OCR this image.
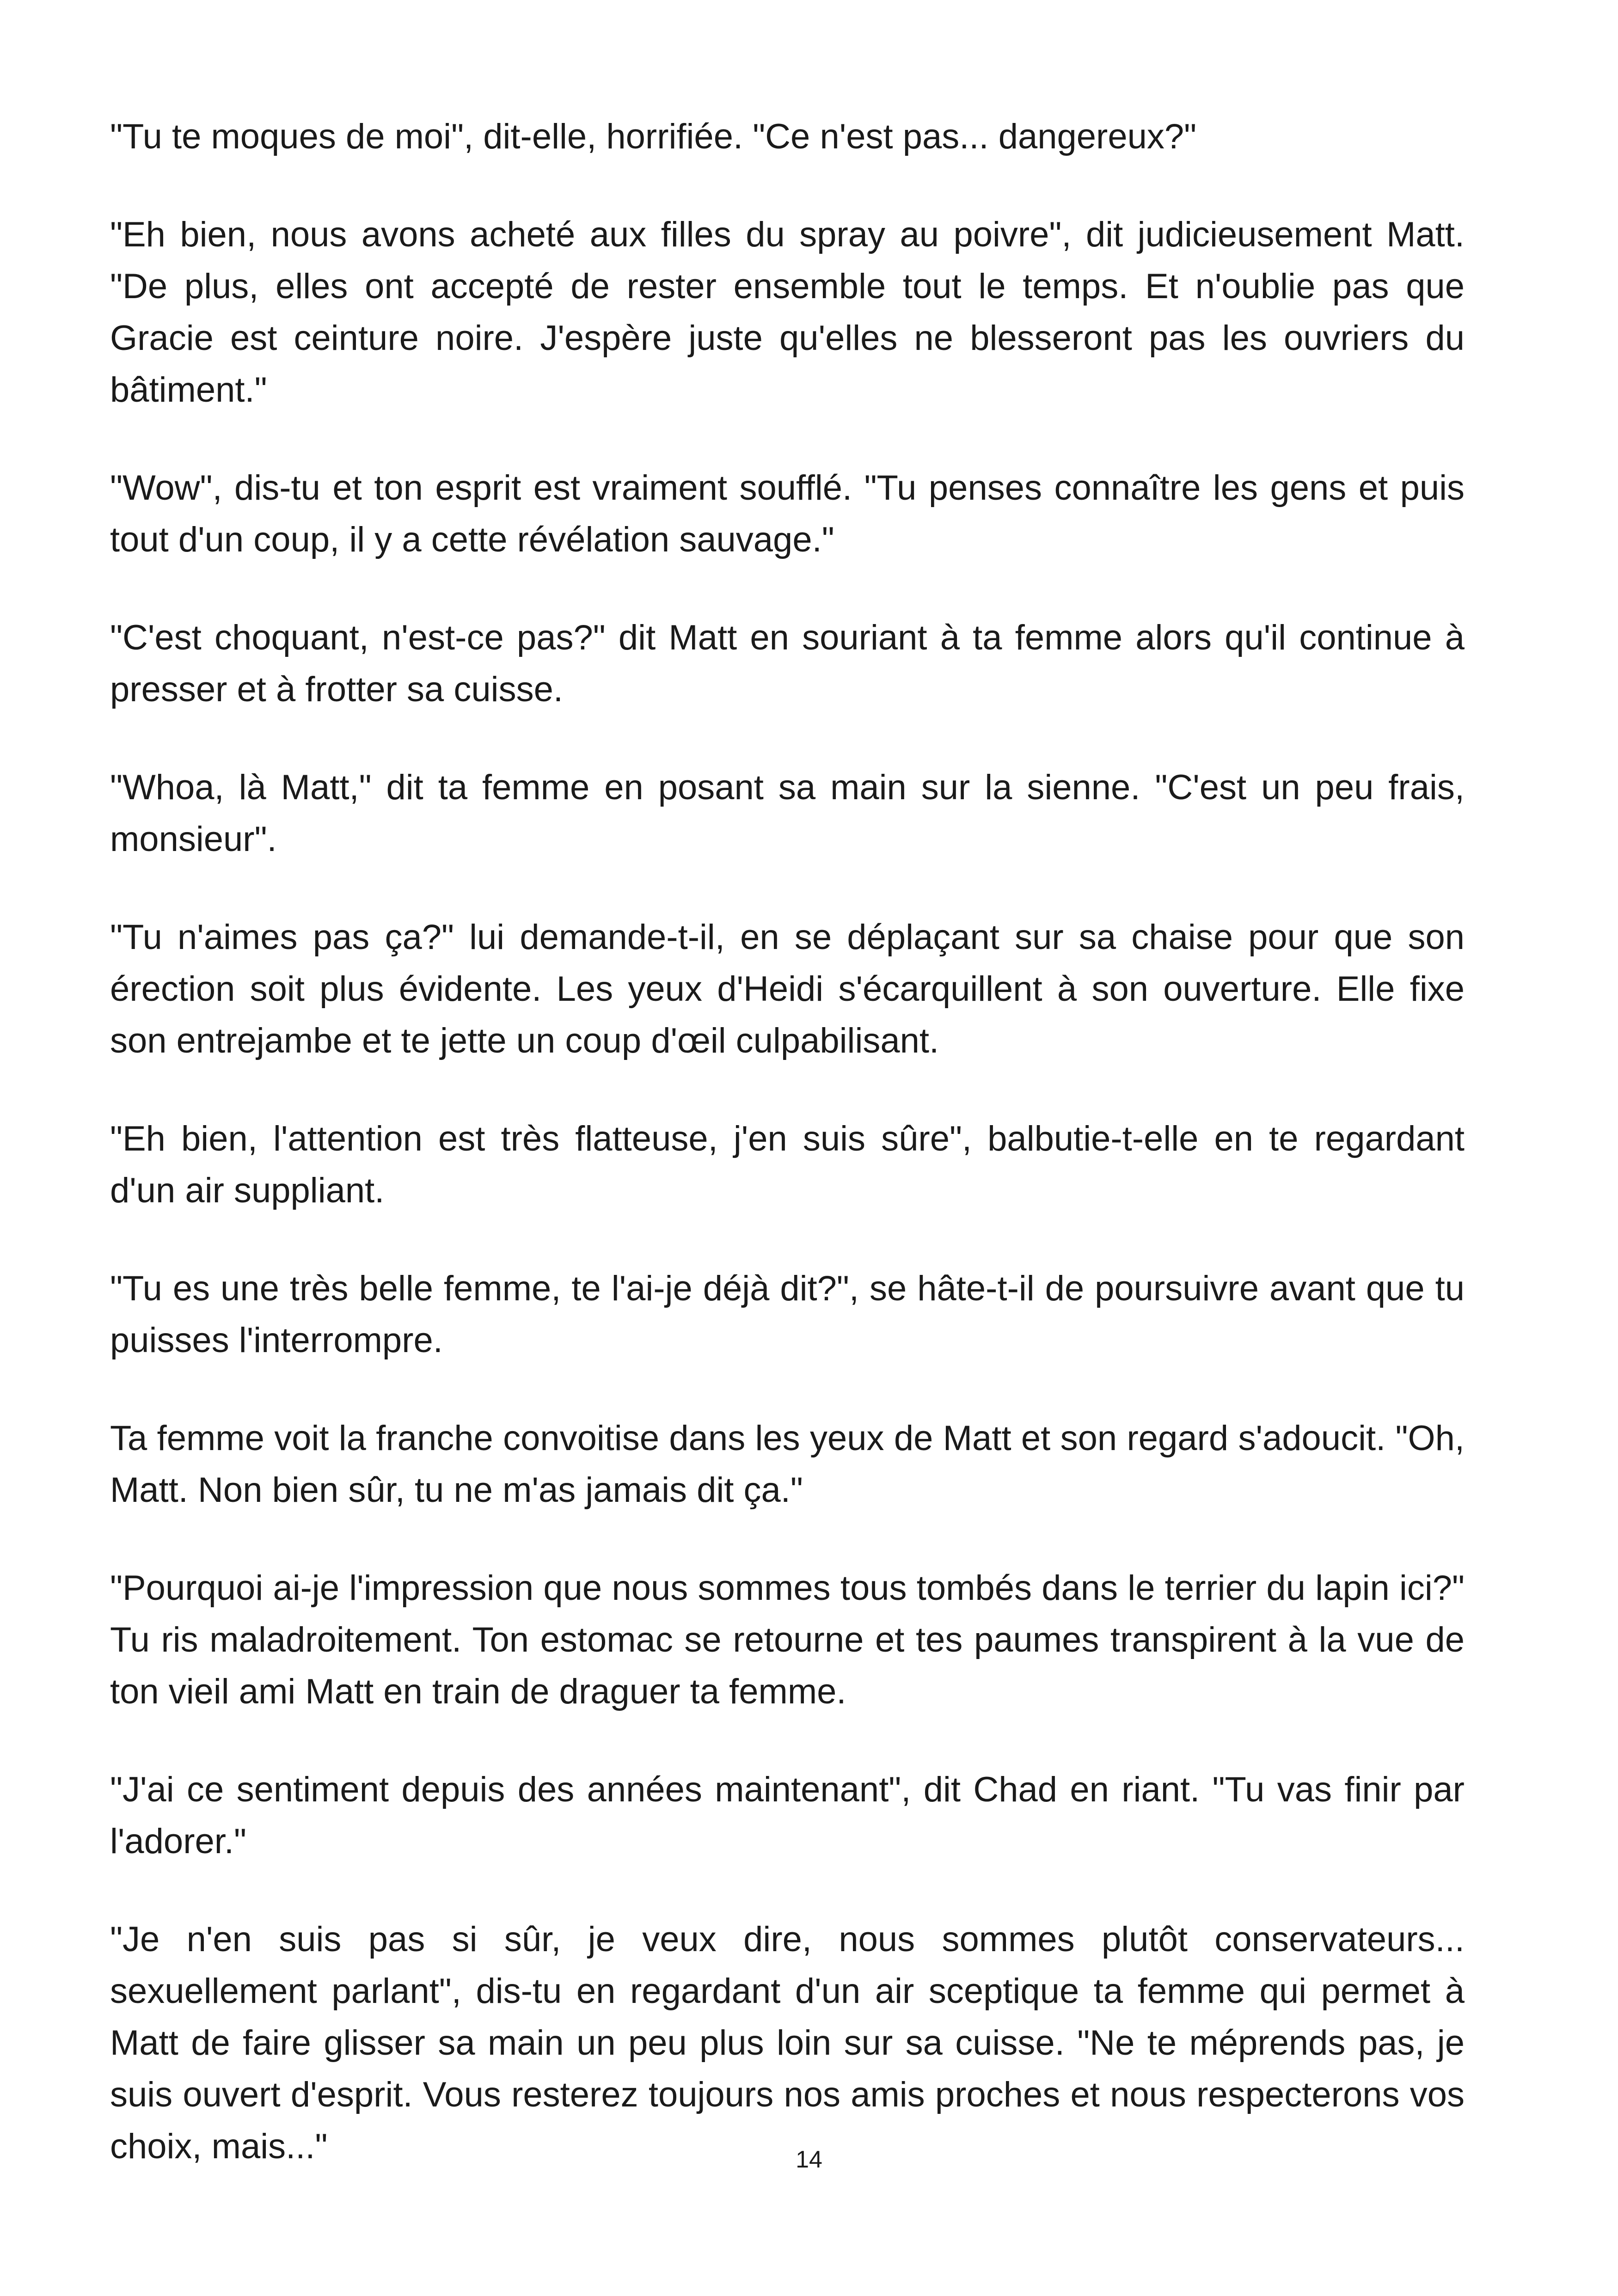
"Tu te moques de moi", dit-elle, horrifiée. "Ce n'est pas... dangereux?"

"Eh bien, nous avons acheté aux filles du spray au poivre", dit judicieusement Matt. "De plus, elles ont accepté de rester ensemble tout le temps. Et n'oublie pas que Gracie est ceinture noire. J'espère juste qu'elles ne blesseront pas les ouvriers du bâtiment."

"Wow", dis-tu et ton esprit est vraiment soufflé. "Tu penses connaître les gens et puis tout d'un coup, il y a cette révélation sauvage."

"C'est choquant, n'est-ce pas?" dit Matt en souriant à ta femme alors qu'il continue à presser et à frotter sa cuisse.

"Whoa, là Matt," dit ta femme en posant sa main sur la sienne. "C'est un peu frais, monsieur".

"Tu n'aimes pas ça?" lui demande-t-il, en se déplaçant sur sa chaise pour que son érection soit plus évidente. Les yeux d'Heidi s'écarquillent à son ouverture. Elle fixe son entrejambe et te jette un coup d'œil culpabilisant.

"Eh bien, l'attention est très flatteuse, j'en suis sûre", balbutie-t-elle en te regardant d'un air suppliant.

"Tu es une très belle femme, te l'ai-je déjà dit?", se hâte-t-il de poursuivre avant que tu puisses l'interrompre.

Ta femme voit la franche convoitise dans les yeux de Matt et son regard s'adoucit. "Oh, Matt. Non bien sûr, tu ne m'as jamais dit ça."

"Pourquoi ai-je l'impression que nous sommes tous tombés dans le terrier du lapin ici?" Tu ris maladroitement. Ton estomac se retourne et tes paumes transpirent à la vue de ton vieil ami Matt en train de draguer ta femme.

"J'ai ce sentiment depuis des années maintenant", dit Chad en riant. "Tu vas finir par l'adorer."

"Je n'en suis pas si sûr, je veux dire, nous sommes plutôt conservateurs... sexuellement parlant", dis-tu en regardant d'un air sceptique ta femme qui permet à Matt de faire glisser sa main un peu plus loin sur sa cuisse. "Ne te méprends pas, je suis ouvert d'esprit. Vous resterez toujours nos amis proches et nous respecterons vos choix, mais..."	14
